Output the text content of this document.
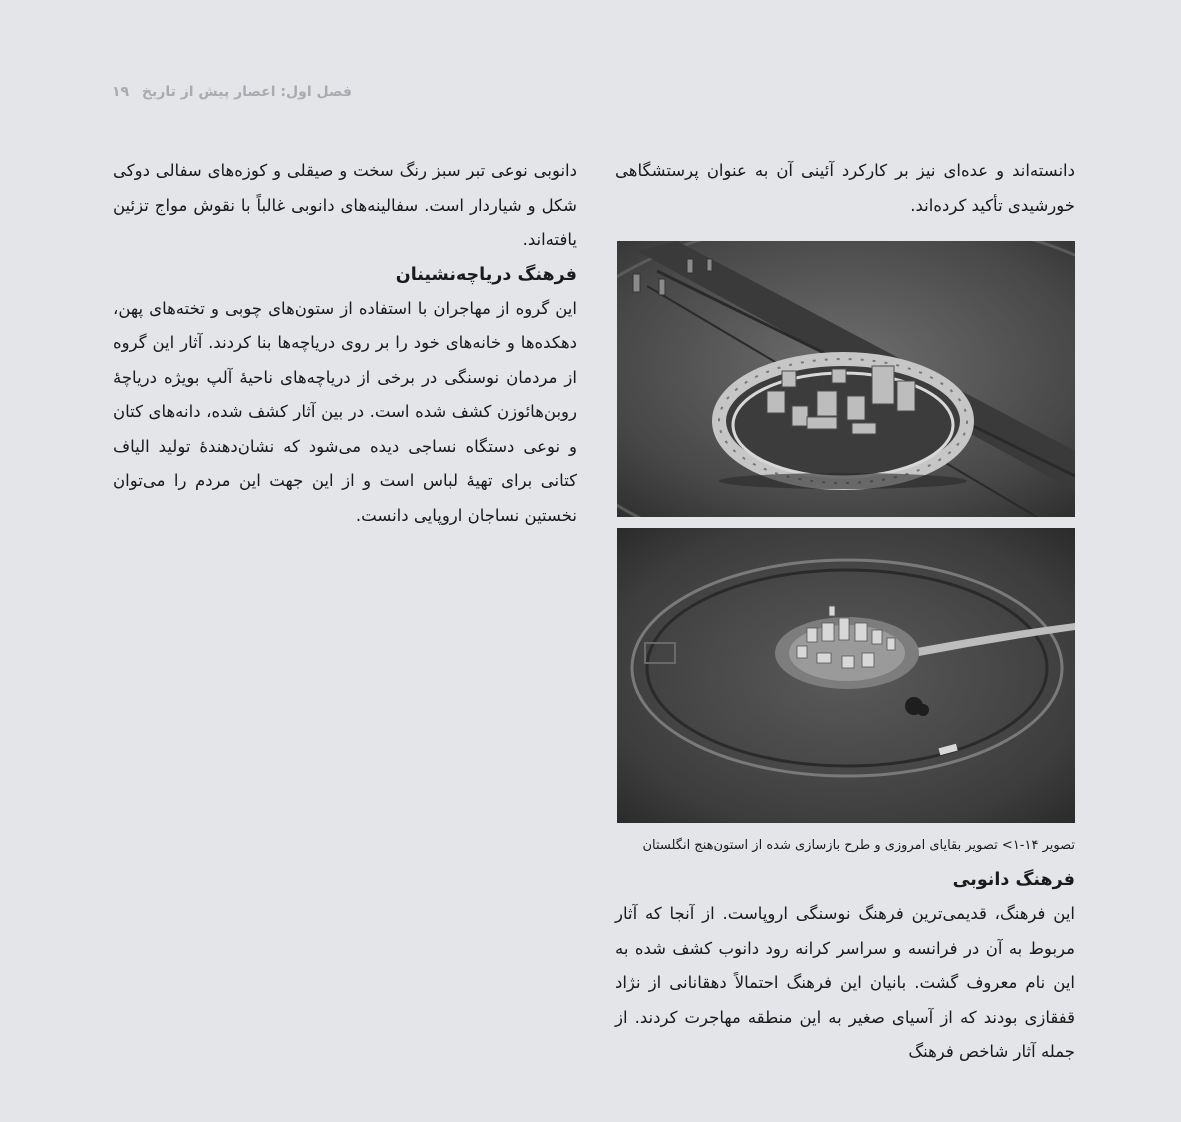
فصل اول: اعصار پیش از تاریخ
۱۹

دانسته‌اند و عده‌ای نیز بر کارکرد آئینی آن به عنوان پرستشگاهی خورشیدی تأکید کرده‌اند.

تصویر ۱۴-۱> تصویر بقایای امروزی و طرح بازسازی شده از استون‌هنج انگلستان

فرهنگ دانوبی

این فرهنگ، قدیمی‌ترین فرهنگ نوسنگی اروپاست. از آنجا که آثار مربوط به آن در فرانسه و سراسر کرانه رود دانوب کشف شده به این نام معروف گشت. بانیان این فرهنگ احتمالاً دهقانانی از نژاد قفقازی بودند که از آسیای صغیر به این منطقه مهاجرت کردند. از جمله آثار شاخص فرهنگ

دانوبی نوعی تبر سبز رنگ سخت و صیقلی و کوزه‌های سفالی دوکی شکل و شیاردار است. سفالینه‌های دانوبی غالباً با نقوش مواج تزئین یافته‌اند.

فرهنگ دریاچه‌نشینان

این گروه از مهاجران با استفاده از ستون‌های چوبی و تخته‌های پهن، دهکده‌ها و خانه‌های خود را بر روی دریاچه‌ها بنا کردند. آثار این گروه از مردمان نوسنگی در برخی از دریاچه‌های ناحیهٔ آلپ بویژه دریاچهٔ روبن‌هائوزن کشف شده است. در بین آثار کشف شده، دانه‌های کتان و نوعی دستگاه نساجی دیده می‌شود که نشان‌دهندهٔ تولید الیاف کتانی برای تهیهٔ لباس است و از این جهت این مردم را می‌توان نخستین نساجان اروپایی دانست.
